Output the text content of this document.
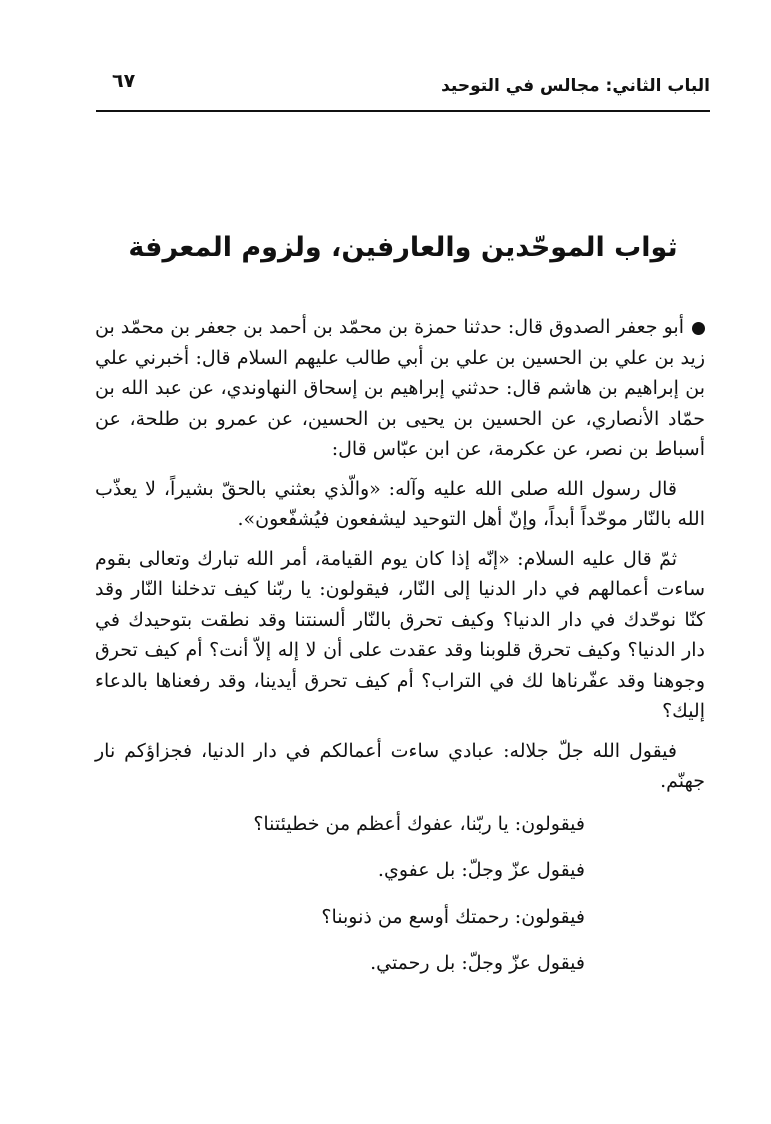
الباب الثاني: مجالس في التوحيد
٦٧
ثواب الموحّدين والعارفين، ولزوم المعرفة

أبو جعفر الصدوق قال: حدثنا حمزة بن محمّد بن أحمد بن جعفر بن محمّد بن زيد بن علي بن الحسين بن علي بن أبي طالب عليهم السلام قال: أخبرني علي بن إبراهيم بن هاشم قال: حدثني إبراهيم بن إسحاق النهاوندي، عن عبد الله بن حمّاد الأنصاري، عن الحسين بن يحيى بن الحسين، عن عمرو بن طلحة، عن أسباط بن نصر، عن عكرمة، عن ابن عبّاس قال:

قال رسول الله صلى الله عليه وآله: «والّذي بعثني بالحقّ بشيراً، لا يعذّب الله بالنّار موحّداً أبداً، وإنّ أهل التوحيد ليشفعون فيُشفّعون».

ثمّ قال عليه السلام: «إنّه إذا كان يوم القيامة، أمر الله تبارك وتعالى بقوم ساءت أعمالهم في دار الدنيا إلى النّار، فيقولون: يا ربّنا كيف تدخلنا النّار وقد كنّا نوحّدك في دار الدنيا؟ وكيف تحرق بالنّار ألسنتنا وقد نطقت بتوحيدك في دار الدنيا؟ وكيف تحرق قلوبنا وقد عقدت على أن لا إله إلاّ أنت؟ أم كيف تحرق وجوهنا وقد عفّرناها لك في التراب؟ أم كيف تحرق أيدينا، وقد رفعناها بالدعاء إليك؟

فيقول الله جلّ جلاله: عبادي ساءت أعمالكم في دار الدنيا، فجزاؤكم نار جهنّم.

فيقولون: يا ربّنا، عفوك أعظم من خطيئتنا؟

فيقول عزّ وجلّ: بل عفوي.

فيقولون: رحمتك أوسع من ذنوبنا؟

فيقول عزّ وجلّ: بل رحمتي.
